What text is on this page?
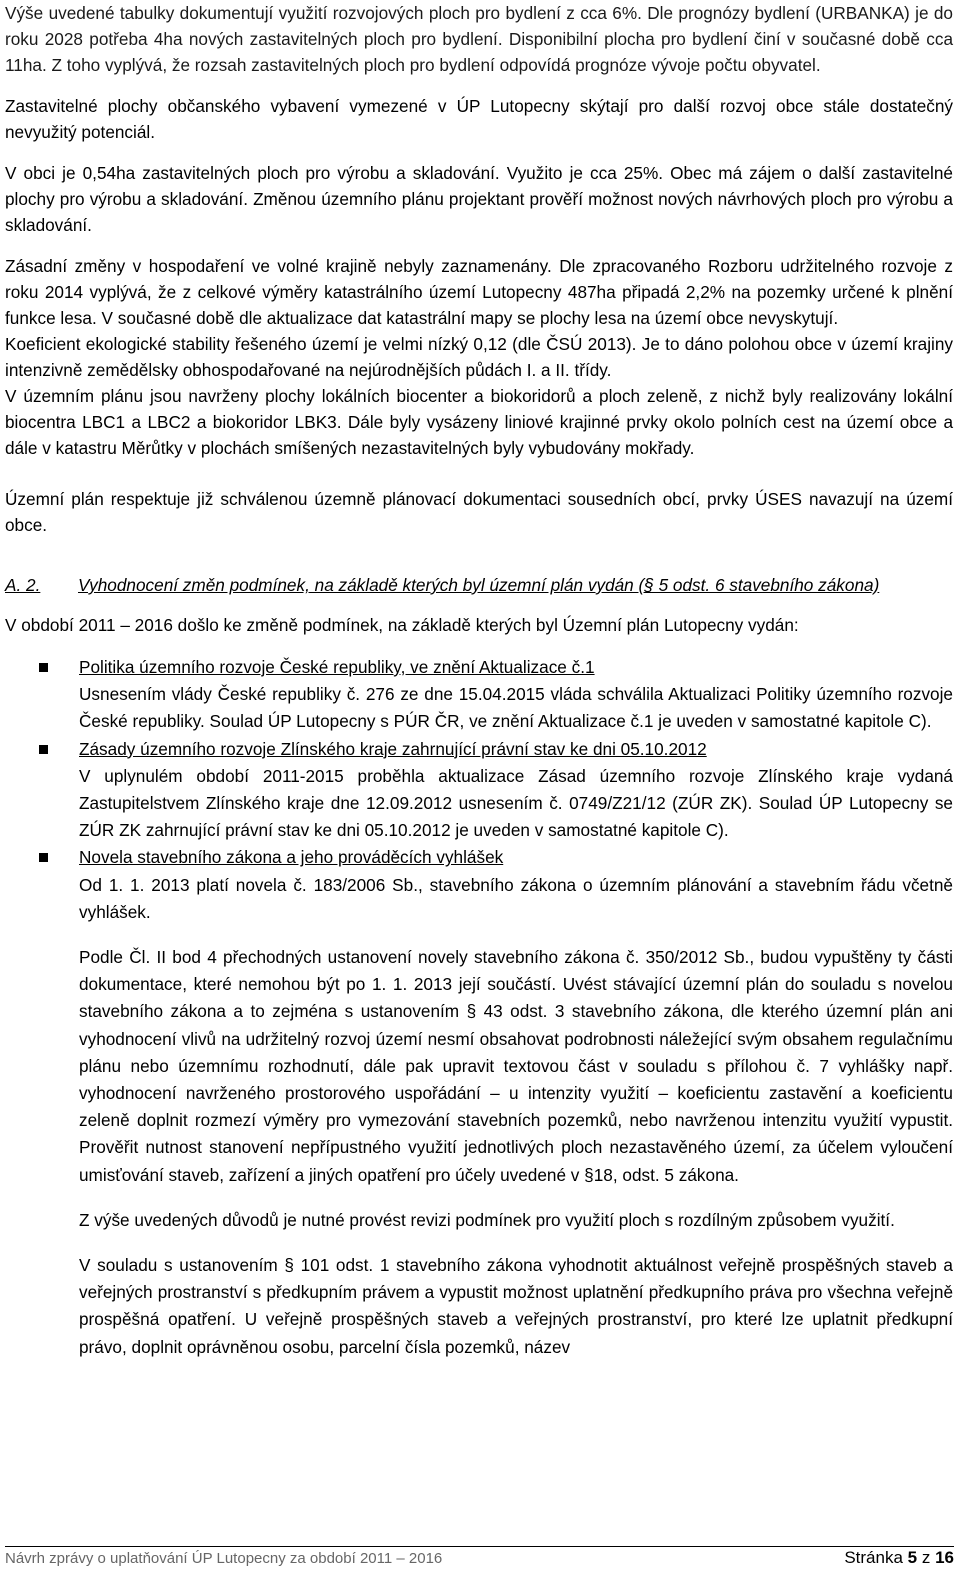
Výše uvedené tabulky dokumentují využití rozvojových ploch pro bydlení z cca 6%. Dle prognózy bydlení (URBANKA) je do roku 2028 potřeba 4ha nových zastavitelných ploch pro bydlení. Disponibilní plocha pro bydlení činí v současné době cca 11ha. Z toho vyplývá, že rozsah zastavitelných ploch pro bydlení odpovídá prognóze vývoje počtu obyvatel.

Zastavitelné plochy občanského vybavení vymezené v ÚP Lutopecny skýtají pro další rozvoj obce stále dostatečný nevyužitý potenciál.

V obci je 0,54ha zastavitelných ploch pro výrobu a skladování. Využito je cca 25%. Obec má zájem o další zastavitelné plochy pro výrobu a skladování. Změnou územního plánu projektant prověří možnost nových návrhových ploch pro výrobu a skladování.

Zásadní změny v hospodaření ve volné krajině nebyly zaznamenány. Dle zpracovaného Rozboru udržitelného rozvoje z roku 2014 vyplývá, že z celkové výměry katastrálního území Lutopecny 487ha připadá 2,2% na pozemky určené k plnění funkce lesa. V současné době dle aktualizace dat katastrální mapy se plochy lesa na území obce nevyskytují.

Koeficient ekologické stability řešeného území je velmi nízký 0,12 (dle ČSÚ 2013). Je to dáno polohou obce v území krajiny intenzivně zemědělsky obhospodařované na nejúrodnějších půdách I. a II. třídy.

V územním plánu jsou navrženy plochy lokálních biocenter a biokoridorů a ploch zeleně, z nichž byly realizovány lokální biocentra LBC1 a LBC2 a biokoridor LBK3. Dále byly vysázeny liniové krajinné prvky okolo polních cest na území obce a dále v katastru Měrůtky v plochách smíšených nezastavitelných byly vybudovány mokřady.

Územní plán respektuje již schválenou územně plánovací dokumentaci sousedních obcí, prvky ÚSES navazují na území obce.

A. 2.	Vyhodnocení změn podmínek, na základě kterých byl územní plán vydán (§ 5 odst. 6 stavebního zákona)

V období 2011 – 2016 došlo ke změně podmínek, na základě kterých byl Územní plán Lutopecny vydán:

Politika územního rozvoje České republiky, ve znění Aktualizace č.1

Usnesením vlády České republiky č. 276 ze dne 15.04.2015 vláda schválila Aktualizaci Politiky územního rozvoje České republiky. Soulad ÚP Lutopecny s PÚR ČR, ve znění Aktualizace č.1 je uveden v samostatné kapitole C).

Zásady územního rozvoje Zlínského kraje zahrnující právní stav ke dni 05.10.2012

V uplynulém období 2011-2015 proběhla aktualizace Zásad územního rozvoje Zlínského kraje vydaná Zastupitelstvem Zlínského kraje dne 12.09.2012 usnesením č. 0749/Z21/12 (ZÚR ZK). Soulad ÚP Lutopecny se ZÚR ZK zahrnující právní stav ke dni 05.10.2012 je uveden v samostatné kapitole C).

Novela stavebního zákona a jeho prováděcích vyhlášek

Od 1. 1. 2013 platí novela č. 183/2006 Sb., stavebního zákona o územním plánování a stavebním řádu včetně vyhlášek.

Podle Čl. II bod 4 přechodných ustanovení novely stavebního zákona č. 350/2012 Sb., budou vypuštěny ty části dokumentace, které nemohou být po 1. 1. 2013 její součástí. Uvést stávající územní plán do souladu s novelou stavebního zákona a to zejména s ustanovením § 43 odst. 3 stavebního zákona, dle kterého územní plán ani vyhodnocení vlivů na udržitelný rozvoj území nesmí obsahovat podrobnosti náležející svým obsahem regulačnímu plánu nebo územnímu rozhodnutí, dále pak upravit textovou část v souladu s přílohou č. 7 vyhlášky např. vyhodnocení navrženého prostorového uspořádání – u intenzity využití – koeficientu zastavění a koeficientu zeleně doplnit rozmezí výměry pro vymezování stavebních pozemků, nebo navrženou intenzitu využití vypustit. Prověřit nutnost stanovení nepřípustného využití jednotlivých ploch nezastavěného území, za účelem vyloučení umisťování staveb, zařízení a jiných opatření pro účely uvedené v §18, odst. 5 zákona.

Z výše uvedených důvodů je nutné provést revizi podmínek pro využití ploch s rozdílným způsobem využití.

V souladu s ustanovením § 101 odst. 1 stavebního zákona vyhodnotit aktuálnost veřejně prospěšných staveb a veřejných prostranství s předkupním právem a vypustit možnost uplatnění předkupního práva pro všechna veřejně prospěšná opatření. U veřejně prospěšných staveb a veřejných prostranství, pro které lze uplatnit předkupní právo, doplnit oprávněnou osobu, parcelní čísla pozemků, název

Návrh zprávy o uplatňování ÚP Lutopecny za období 2011 – 2016	Stránka 5 z 16
